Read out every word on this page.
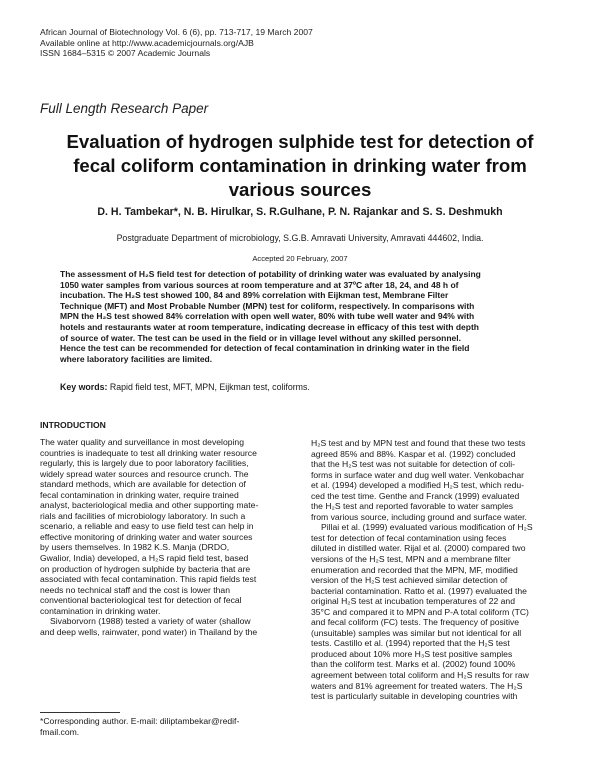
African Journal of Biotechnology Vol. 6 (6), pp. 713-717, 19 March 2007
Available online at http://www.academicjournals.org/AJB
ISSN 1684–5315 © 2007 Academic Journals
Full Length Research Paper
Evaluation of hydrogen sulphide test for detection of
fecal coliform contamination in drinking water from
various sources
D. H. Tambekar*, N. B. Hirulkar, S. R.Gulhane, P. N. Rajankar and S. S. Deshmukh
Postgraduate Department of microbiology, S.G.B. Amravati University, Amravati 444602, India.
Accepted 20 February, 2007
The assessment of H₂S field test for detection of potability of drinking water was evaluated by analysing
1050 water samples from various sources at room temperature and at 37ºC after 18, 24, and 48 h of
incubation. The H₂S test showed 100, 84 and 89% correlation with Eijkman test, Membrane Filter
Technique (MFT) and Most Probable Number (MPN) test for coliform, respectively. In comparisons with
MPN the H₂S test showed 84% correlation with open well water, 80% with tube well water and 94% with
hotels and restaurants water at room temperature, indicating decrease in efficacy of this test with depth
of source of water. The test can be used in the field or in village level without any skilled personnel.
Hence the test can be recommended for detection of fecal contamination in drinking water in the field
where laboratory facilities are limited.
Key words: Rapid field test, MFT, MPN, Eijkman test, coliforms.
INTRODUCTION
The water quality and surveillance in most developing
countries is inadequate to test all drinking water resource
regularly, this is largely due to poor laboratory facilities,
widely spread water sources and resource crunch. The
standard methods, which are available for detection of
fecal contamination in drinking water, require trained
analyst, bacteriological media and other supporting mate-
rials and facilities of microbiology laboratory. In such a
scenario, a reliable and easy to use field test can help in
effective monitoring of drinking water and water sources
by users themselves. In 1982 K.S. Manja (DRDO,
Gwalior, India) developed, a H₂S rapid field test, based
on production of hydrogen sulphide by bacteria that are
associated with fecal contamination. This rapid fields test
needs no technical staff and the cost is lower than
conventional bacteriological test for detection of fecal
contamination in drinking water.
Sivaborvorn (1988) tested a variety of water (shallow
and deep wells, rainwater, pond water) in Thailand by the
H₂S test and by MPN test and found that these two tests
agreed 85% and 88%. Kaspar et al. (1992) concluded
that the H₂S test was not suitable for detection of coli-
forms in surface water and dug well water. Venkobachar
et al. (1994) developed a modified H₂S test, which redu-
ced the test time. Genthe and Franck (1999) evaluated
the H₂S test and reported favorable to water samples
from various source, including ground and surface water.
Pillai et al. (1999) evaluated various modification of H₂S
test for detection of fecal contamination using feces
diluted in distilled water. Rijal et al. (2000) compared two
versions of the H₂S test, MPN and a membrane filter
enumeration and recorded that the MPN, MF, modified
version of the H₂S test achieved similar detection of
bacterial contamination. Ratto et al. (1997) evaluated the
original H₂S test at incubation temperatures of 22 and
35°C and compared it to MPN and P-A total coliform (TC)
and fecal coliform (FC) tests. The frequency of positive
(unsuitable) samples was similar but not identical for all
tests. Castillo et al. (1994) reported that the H₂S test
produced about 10% more H₃S test positive samples
than the coliform test. Marks et al. (2002) found 100%
agreement between total coliform and H₂S results for raw
waters and 81% agreement for treated waters. The H₂S
test is particularly suitable in developing countries with
*Corresponding author. E-mail: diliptambekar@redif-
fmail.com.
